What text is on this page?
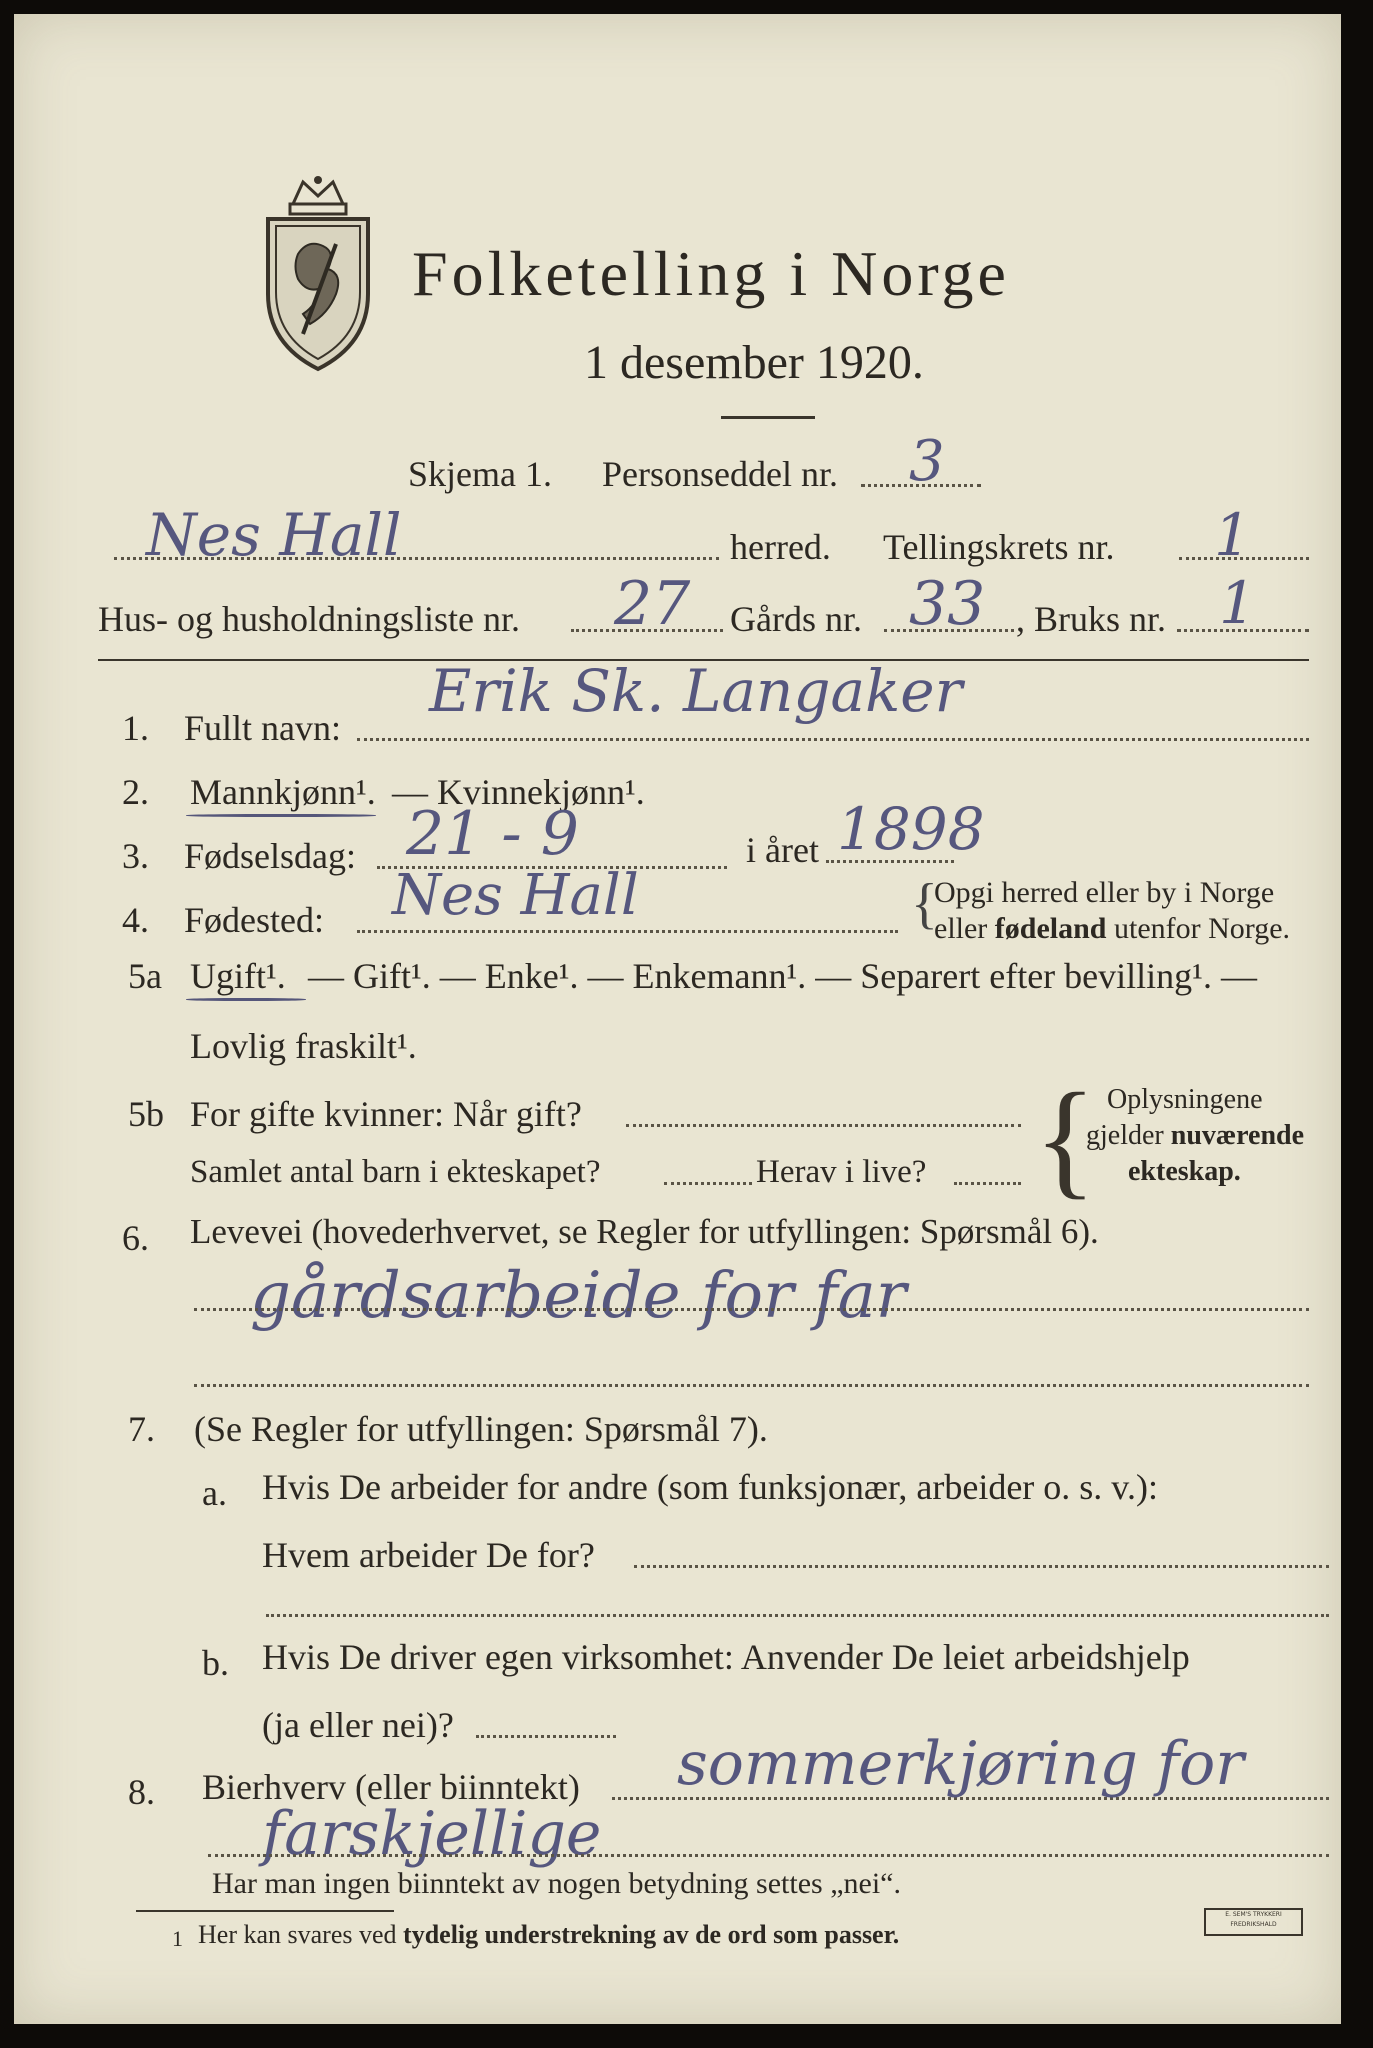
Folketelling i Norge
1 desember 1920.
Skjema 1. Personseddel nr. 3
Nes Hall	herred. Tellingskrets nr. 1
Hus- og husholdningsliste nr. 27 Gårds nr. 33 , Bruks nr. 1
1. Fullt navn:
Erik Sk. Langaker
2. Mannkjønn¹. — Kvinnekjønn¹.
3. Fødselsdag: 21 - 9	i året 1898
4. Fødested: Nes Hall	{
Opgi herred eller by i Norge
eller fødeland utenfor Norge.
5a Ugift¹. — Gift¹. — Enke¹. — Enkemann¹. — Separert efter bevilling¹. —
Lovlig fraskilt¹.
5b For gifte kvinner: Når gift?
Samlet antal barn i ekteskapet?	Herav i live? { Oplysningene
gjelder nuværende
ekteskap.
6. Levevei (hovederhvervet, se Regler for utfyllingen: Spørsmål 6).
gårdsarbeide for far
7. (Se Regler for utfyllingen: Spørsmål 7).
a. Hvis De arbeider for andre (som funksjonær, arbeider o. s. v.):
Hvem arbeider De for?
b. Hvis De driver egen virksomhet: Anvender De leiet arbeidshjelp
(ja eller nei)?
8. Bierhverv (eller biinntekt) sommerkjøring for
farskjellige
Har man ingen biinntekt av nogen betydning settes „nei“.
1 Her kan svares ved tydelig understrekning av de ord som passer.
E. SEM'S TRYKKERI FREDRIKSHALD
